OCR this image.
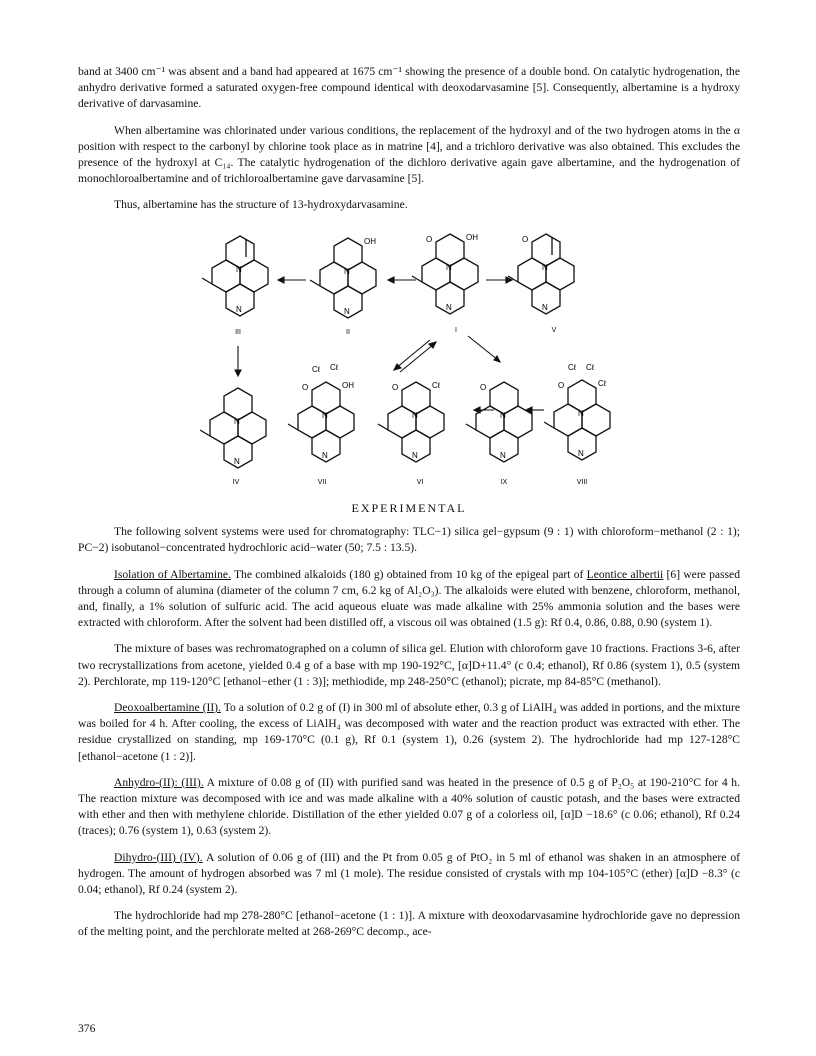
band at 3400 cm⁻¹ was absent and a band had appeared at 1675 cm⁻¹ showing the presence of a double bond. On catalytic hydrogenation, the anhydro derivative formed a saturated oxygen-free compound identical with deoxodarvasamine [5]. Consequently, albertamine is a hydroxy derivative of darvasamine.

When albertamine was chlorinated under various conditions, the replacement of the hydroxyl and of the two hydrogen atoms in the α position with respect to the carbonyl by chlorine took place as in matrine [4], and a trichloro derivative was also obtained. This excludes the presence of the hydroxyl at C₁₄. The catalytic hydrogenation of the dichloro derivative again gave albertamine, and the hydrogenation of monochloroalbertamine and of trichloroalbertamine gave darvasamine [5].

Thus, albertamine has the structure of 13-hydroxydarvasamine.

N
N
OH
N
N
O	OH
N
N
O
N
N
III	II	I	V
N
N
Cℓ Cℓ
O	OH
N
N
O	Cℓ
N
N
O
N
N
Cℓ Cℓ
O	Cℓ
N
N
IV	VII	VI	IX	VIII

EXPERIMENTAL

The following solvent systems were used for chromatography: TLC−1) silica gel−gypsum (9 : 1) with chloroform−methanol (2 : 1); PC−2) isobutanol−concentrated hydrochloric acid−water (50; 7.5 : 13.5).

Isolation of Albertamine. The combined alkaloids (180 g) obtained from 10 kg of the epigeal part of Leontice albertii [6] were passed through a column of alumina (diameter of the column 7 cm, 6.2 kg of Al₂O₃). The alkaloids were eluted with benzene, chloroform, methanol, and, finally, a 1% solution of sulfuric acid. The acid aqueous eluate was made alkaline with 25% ammonia solution and the bases were extracted with chloroform. After the solvent had been distilled off, a viscous oil was obtained (1.5 g): Rf 0.4, 0.86, 0.88, 0.90 (system 1).

The mixture of bases was rechromatographed on a column of silica gel. Elution with chloroform gave 10 fractions. Fractions 3-6, after two recrystallizations from acetone, yielded 0.4 g of a base with mp 190-192°C, [α]D+11.4° (c 0.4; ethanol), Rf 0.86 (system 1), 0.5 (system 2). Perchlorate, mp 119-120°C [ethanol−ether (1 : 3)]; methiodide, mp 248-250°C (ethanol); picrate, mp 84-85°C (methanol).

Deoxoalbertamine (II). To a solution of 0.2 g of (I) in 300 ml of absolute ether, 0.3 g of LiAlH₄ was added in portions, and the mixture was boiled for 4 h. After cooling, the excess of LiAlH₄ was decomposed with water and the reaction product was extracted with ether. The residue crystallized on standing, mp 169-170°C (0.1 g), Rf 0.1 (system 1), 0.26 (system 2). The hydrochloride had mp 127-128°C [ethanol−acetone (1 : 2)].

Anhydro-(II): (III). A mixture of 0.08 g of (II) with purified sand was heated in the presence of 0.5 g of P₂O₅ at 190-210°C for 4 h. The reaction mixture was decomposed with ice and was made alkaline with a 40% solution of caustic potash, and the bases were extracted with ether and then with methylene chloride. Distillation of the ether yielded 0.07 g of a colorless oil, [α]D −18.6° (c 0.06; ethanol), Rf 0.24 (traces); 0.76 (system 1), 0.63 (system 2).

Dihydro-(III) (IV). A solution of 0.06 g of (III) and the Pt from 0.05 g of PtO₂ in 5 ml of ethanol was shaken in an atmosphere of hydrogen. The amount of hydrogen absorbed was 7 ml (1 mole). The residue consisted of crystals with mp 104-105°C (ether) [α]D −8.3° (c 0.04; ethanol), Rf 0.24 (system 2).

The hydrochloride had mp 278-280°C [ethanol−acetone (1 : 1)]. A mixture with deoxodarvasamine hydrochloride gave no depression of the melting point, and the perchlorate melted at 268-269°C decomp., ace-

376
